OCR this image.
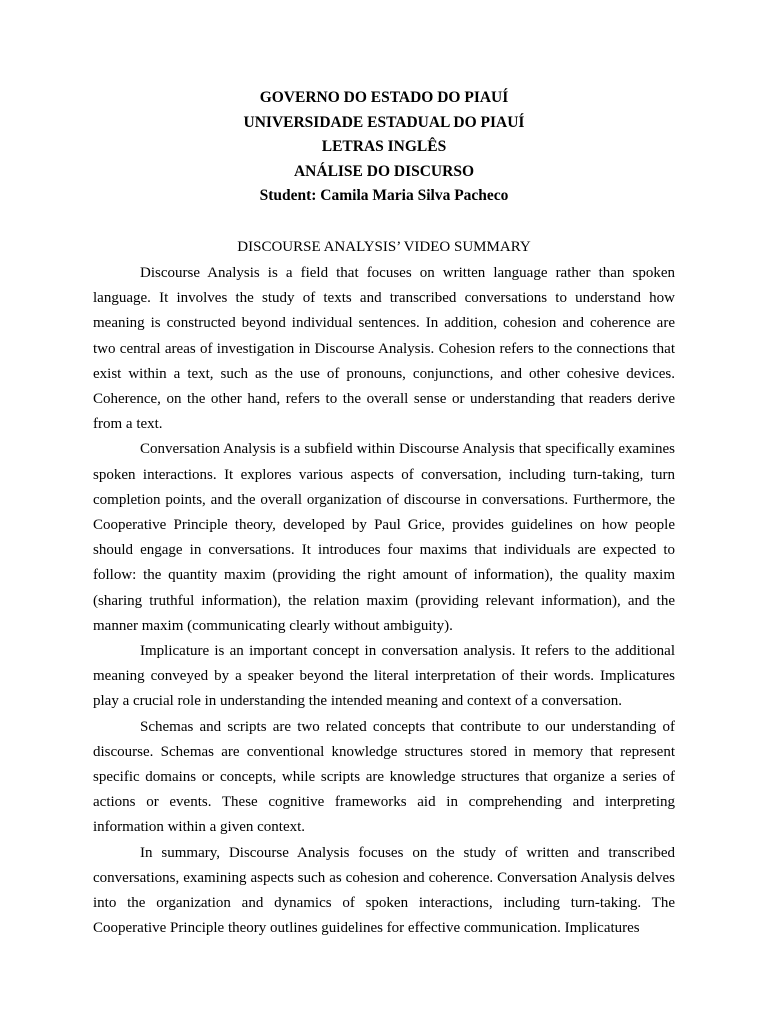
GOVERNO DO ESTADO DO PIAUÍ

UNIVERSIDADE ESTADUAL DO PIAUÍ

LETRAS INGLÊS

ANÁLISE DO DISCURSO

Student: Camila Maria Silva Pacheco

DISCOURSE ANALYSIS’ VIDEO SUMMARY

Discourse Analysis is a field that focuses on written language rather than spoken language. It involves the study of texts and transcribed conversations to understand how meaning is constructed beyond individual sentences. In addition, cohesion and coherence are two central areas of investigation in Discourse Analysis. Cohesion refers to the connections that exist within a text, such as the use of pronouns, conjunctions, and other cohesive devices. Coherence, on the other hand, refers to the overall sense or understanding that readers derive from a text.

Conversation Analysis is a subfield within Discourse Analysis that specifically examines spoken interactions. It explores various aspects of conversation, including turn-taking, turn completion points, and the overall organization of discourse in conversations. Furthermore, the Cooperative Principle theory, developed by Paul Grice, provides guidelines on how people should engage in conversations. It introduces four maxims that individuals are expected to follow: the quantity maxim (providing the right amount of information), the quality maxim (sharing truthful information), the relation maxim (providing relevant information), and the manner maxim (communicating clearly without ambiguity).

Implicature is an important concept in conversation analysis. It refers to the additional meaning conveyed by a speaker beyond the literal interpretation of their words. Implicatures play a crucial role in understanding the intended meaning and context of a conversation.

Schemas and scripts are two related concepts that contribute to our understanding of discourse. Schemas are conventional knowledge structures stored in memory that represent specific domains or concepts, while scripts are knowledge structures that organize a series of actions or events. These cognitive frameworks aid in comprehending and interpreting information within a given context.

In summary, Discourse Analysis focuses on the study of written and transcribed conversations, examining aspects such as cohesion and coherence. Conversation Analysis delves into the organization and dynamics of spoken interactions, including turn-taking. The Cooperative Principle theory outlines guidelines for effective communication. Implicatures
